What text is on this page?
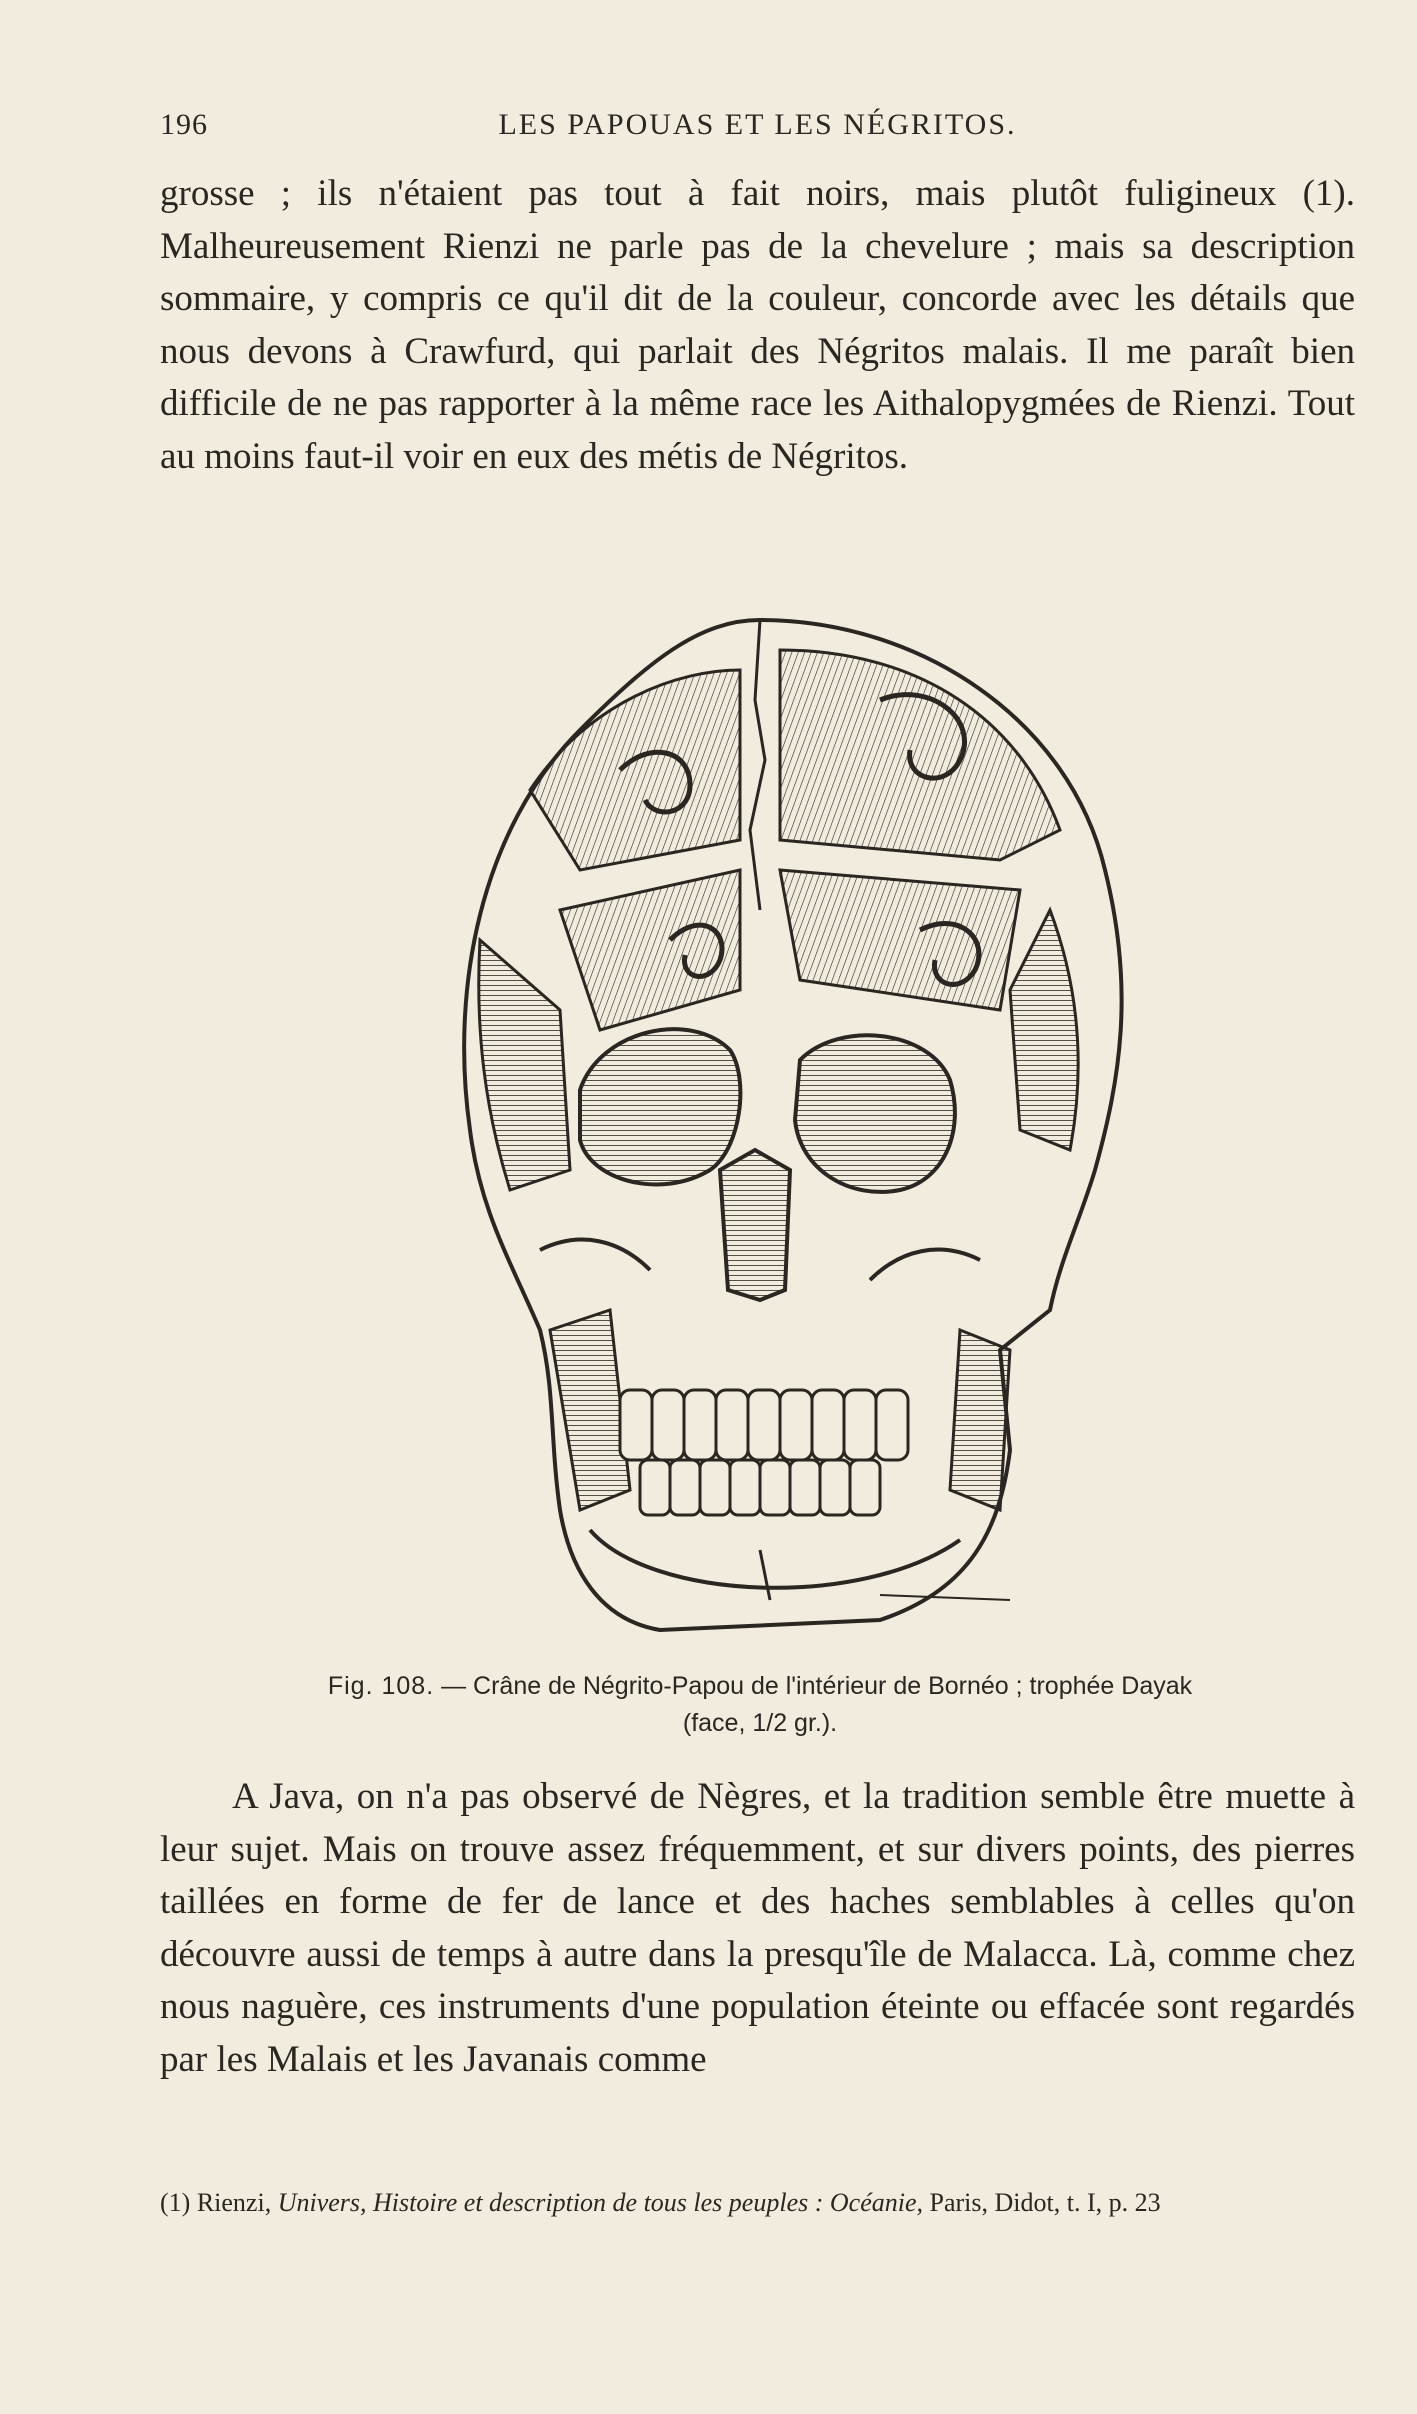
196	LES PAPOUAS ET LES NÉGRITOS.

grosse ; ils n'étaient pas tout à fait noirs, mais plutôt fuligineux (1). Malheureusement Rienzi ne parle pas de la chevelure ; mais sa description sommaire, y compris ce qu'il dit de la couleur, concorde avec les détails que nous devons à Crawfurd, qui parlait des Négritos malais. Il me paraît bien difficile de ne pas rapporter à la même race les Aithalopygmées de Rienzi. Tout au moins faut-il voir en eux des métis de Négritos.

Fig. 108. — Crâne de Négrito-Papou de l'intérieur de Bornéo ; trophée Dayak
(face, 1/2 gr.).

A Java, on n'a pas observé de Nègres, et la tradition semble être muette à leur sujet. Mais on trouve assez fréquemment, et sur divers points, des pierres taillées en forme de fer de lance et des haches semblables à celles qu'on découvre aussi de temps à autre dans la presqu'île de Malacca. Là, comme chez nous naguère, ces instruments d'une population éteinte ou effacée sont regardés par les Malais et les Javanais comme

(1) Rienzi, Univers, Histoire et description de tous les peuples : Océanie, Paris, Didot, t. I, p. 23
